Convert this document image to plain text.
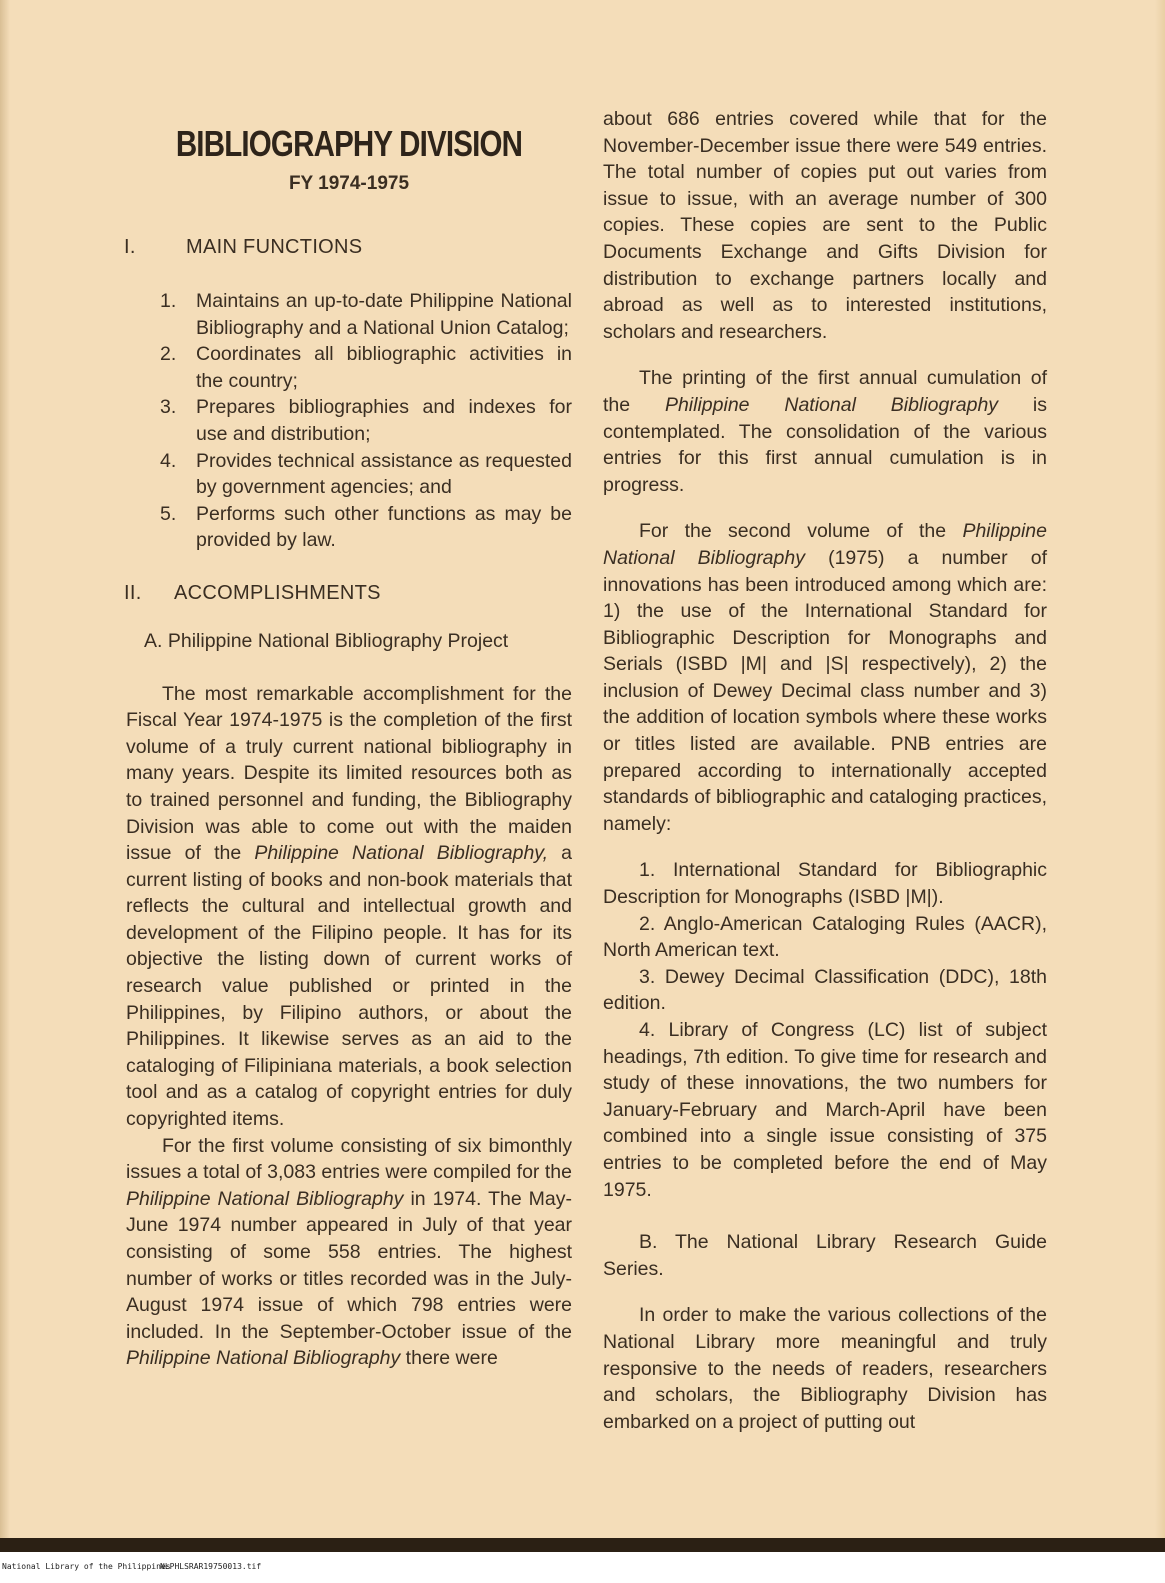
BIBLIOGRAPHY DIVISION
FY 1974-1975
I.	MAIN FUNCTIONS
1. Maintains an up-to-date Philippine National Bibliography and a National Union Catalog;
2. Coordinates all bibliographic activities in the country;
3. Prepares bibliographies and indexes for use and distribution;
4. Provides technical assistance as requested by government agencies; and
5. Performs such other functions as may be provided by law.
II. ACCOMPLISHMENTS

A. Philippine National Bibliography Project

The most remarkable accomplishment for the Fiscal Year 1974-1975 is the completion of the first volume of a truly current national bibliography in many years. Despite its limited resources both as to trained personnel and funding, the Bibliography Division was able to come out with the maiden issue of the Philippine National Bibliography, a current listing of books and non-book materials that reflects the cultural and intellectual growth and development of the Filipino people. It has for its objective the listing down of current works of research value published or printed in the Philippines, by Filipino authors, or about the Philippines. It likewise serves as an aid to the cataloging of Filipiniana materials, a book selection tool and as a catalog of copyright entries for duly copyrighted items.

For the first volume consisting of six bimonthly issues a total of 3,083 entries were compiled for the Philippine National Bibliography in 1974. The May-June 1974 number appeared in July of that year consisting of some 558 entries. The highest number of works or titles recorded was in the July-August 1974 issue of which 798 entries were included. In the September-October issue of the Philippine National Bibliography there were

about 686 entries covered while that for the November-December issue there were 549 entries. The total number of copies put out varies from issue to issue, with an average number of 300 copies. These copies are sent to the Public Documents Exchange and Gifts Division for distribution to exchange partners locally and abroad as well as to interested institutions, scholars and researchers.

The printing of the first annual cumulation of the Philippine National Bibliography is contemplated. The consolidation of the various entries for this first annual cumulation is in progress.

For the second volume of the Philippine National Bibliography (1975) a number of innovations has been introduced among which are: 1) the use of the International Standard for Bibliographic Description for Monographs and Serials (ISBD |M| and |S| respectively), 2) the inclusion of Dewey Decimal class number and 3) the addition of location symbols where these works or titles listed are available. PNB entries are prepared according to internationally accepted standards of bibliographic and cataloging practices, namely:

1. International Standard for Bibliographic Description for Monographs (ISBD |M|).

2. Anglo-American Cataloging Rules (AACR), North American text.

3. Dewey Decimal Classification (DDC), 18th edition.

4. Library of Congress (LC) list of subject headings, 7th edition. To give time for research and study of these innovations, the two numbers for January-February and March-April have been combined into a single issue consisting of 375 entries to be completed before the end of May 1975.

B. The National Library Research Guide Series.

In order to make the various collections of the National Library more meaningful and truly responsive to the needs of readers, researchers and scholars, the Bibliography Division has embarked on a project of putting out

National Library of the Philippines
NLPHLSRAR19750013.tif
